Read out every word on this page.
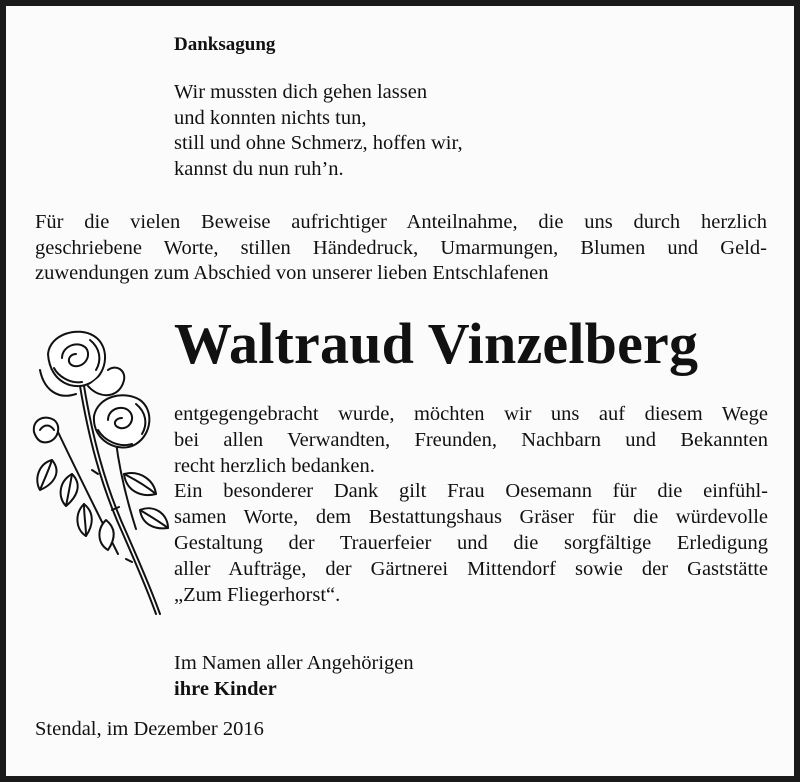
Danksagung
Wir mussten dich gehen lassen
und konnten nichts tun,
still und ohne Schmerz, hoffen wir,
kannst du nun ruh’n.
Für die vielen Beweise aufrichtiger Anteilnahme, die uns durch herzlich
geschriebene Worte, stillen Händedruck, Umarmungen, Blumen und Geld-
zuwendungen zum Abschied von unserer lieben Entschlafenen
Waltraud Vinzelberg
entgegengebracht wurde, möchten wir uns auf diesem Wege
bei allen Verwandten, Freunden, Nachbarn und Bekannten
recht herzlich bedanken.
Ein besonderer Dank gilt Frau Oesemann für die einfühl-
samen Worte, dem Bestattungshaus Gräser für die würdevolle
Gestaltung der Trauerfeier und die sorgfältige Erledigung
aller Aufträge, der Gärtnerei Mittendorf sowie der Gaststätte
„Zum Fliegerhorst“.
Im Namen aller Angehörigen
ihre Kinder
Stendal, im Dezember 2016
